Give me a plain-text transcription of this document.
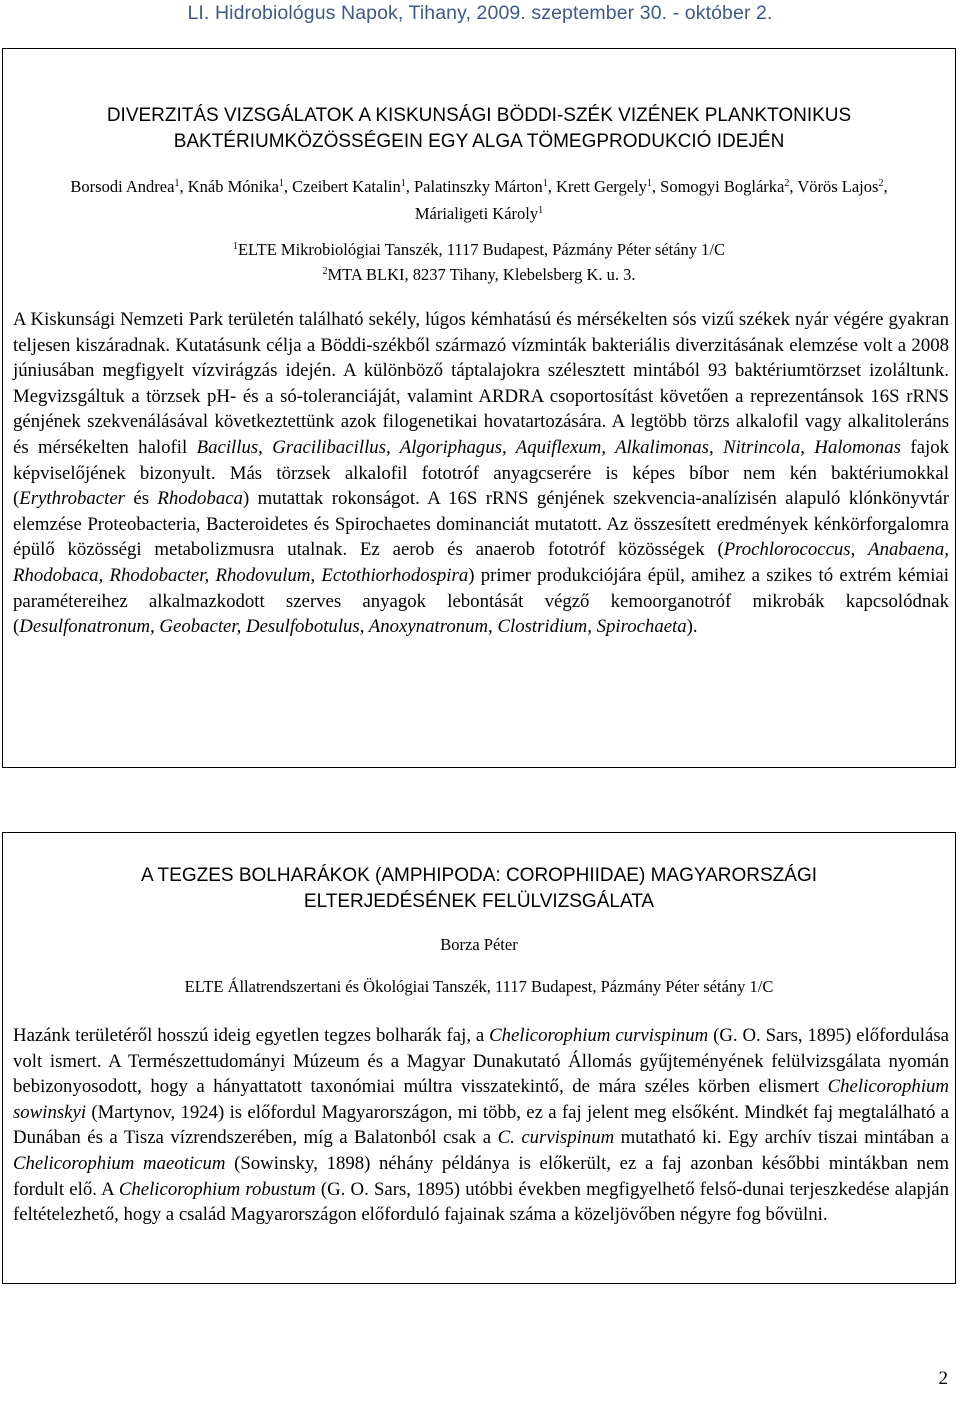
LI. Hidrobiológus Napok, Tihany, 2009. szeptember 30. - október 2.
DIVERZITÁS VIZSGÁLATOK A KISKUNSÁGI BÖDDI-SZÉK VIZÉNEK PLANKTONIKUS
BAKTÉRIUMKÖZÖSSÉGEIN EGY ALGA TÖMEGPRODUKCIÓ IDEJÉN
Borsodi Andrea$^1$, Knáb Mónika$^1$, Czeibert Katalin$^1$, Palatinszky Márton$^1$, Krett Gergely$^1$, Somogyi Boglárka$^2$, Vörös Lajos$^2$, Márialigeti Károly$^1$
$^1$ELTE Mikrobiológiai Tanszék, 1117 Budapest, Pázmány Péter sétány 1/C
$^2$MTA BLKI, 8237 Tihany, Klebelsberg K. u. 3.
A Kiskunsági Nemzeti Park területén található sekély, lúgos kémhatású és mérsékelten sós vizű székek nyár végére gyakran teljesen kiszáradnak. Kutatásunk célja a Böddi-székből származó vízminták bakteriális diverzitásának elemzése volt a 2008 júniusában megfigyelt vízvirágzás idején. A különböző táptalajokra szélesztett mintából 93 baktériumtörzset izoláltunk. Megvizsgáltuk a törzsek pH- és a só-toleranciáját, valamint ARDRA csoportosítást követően a reprezentánsok 16S rRNS génjének szekvenálásával következtettünk azok filogenetikai hovatartozására. A legtöbb törzs alkalofil vagy alkalitoleráns és mérsékelten halofil Bacillus, Gracilibacillus, Algoriphagus, Aquiflexum, Alkalimonas, Nitrincola, Halomonas fajok képviselőjének bizonyult. Más törzsek alkalofil fototróf anyagcserére is képes bíbor nem kén baktériumokkal (Erythrobacter és Rhodobaca) mutattak rokonságot. A 16S rRNS génjének szekvencia-analízisén alapuló klónkönyvtár elemzése Proteobacteria, Bacteroidetes és Spirochaetes dominanciát mutatott. Az összesített eredmények kénkörforgalomra épülő közösségi metabolizmusra utalnak. Ez aerob és anaerob fototróf közösségek (Prochlorococcus, Anabaena, Rhodobaca, Rhodobacter, Rhodovulum, Ectothiorhodospira) primer produkciójára épül, amihez a szikes tó extrém kémiai paramétereihez alkalmazkodott szerves anyagok lebontását végző kemoorganotróf mikrobák kapcsolódnak (Desulfonatronum, Geobacter, Desulfobotulus, Anoxynatronum, Clostridium, Spirochaeta).
A TEGZES BOLHARÁKOK (AMPHIPODA: COROPHIIDAE) MAGYARORSZÁGI
ELTERJEDÉSÉNEK FELÜLVIZSGÁLATA
Borza Péter
ELTE Állatrendszertani és Ökológiai Tanszék, 1117 Budapest, Pázmány Péter sétány 1/C
Hazánk területéről hosszú ideig egyetlen tegzes bolharák faj, a Chelicorophium curvispinum (G. O. Sars, 1895) előfordulása volt ismert. A Természettudományi Múzeum és a Magyar Dunakutató Állomás gyűjteményének felülvizsgálata nyomán bebizonyosodott, hogy a hányattatott taxonómiai múltra visszatekintő, de mára széles körben elismert Chelicorophium sowinskyi (Martynov, 1924) is előfordul Magyarországon, mi több, ez a faj jelent meg elsőként. Mindkét faj megtalálható a Dunában és a Tisza vízrendszerében, míg a Balatonból csak a C. curvispinum mutatható ki. Egy archív tiszai mintában a Chelicorophium maeoticum (Sowinsky, 1898) néhány példánya is előkerült, ez a faj azonban későbbi mintákban nem fordult elő. A Chelicorophium robustum (G. O. Sars, 1895) utóbbi években megfigyelhető felső-dunai terjeszkedése alapján feltételezhető, hogy a család Magyarországon előforduló fajainak száma a közeljövőben négyre fog bővülni.
2
